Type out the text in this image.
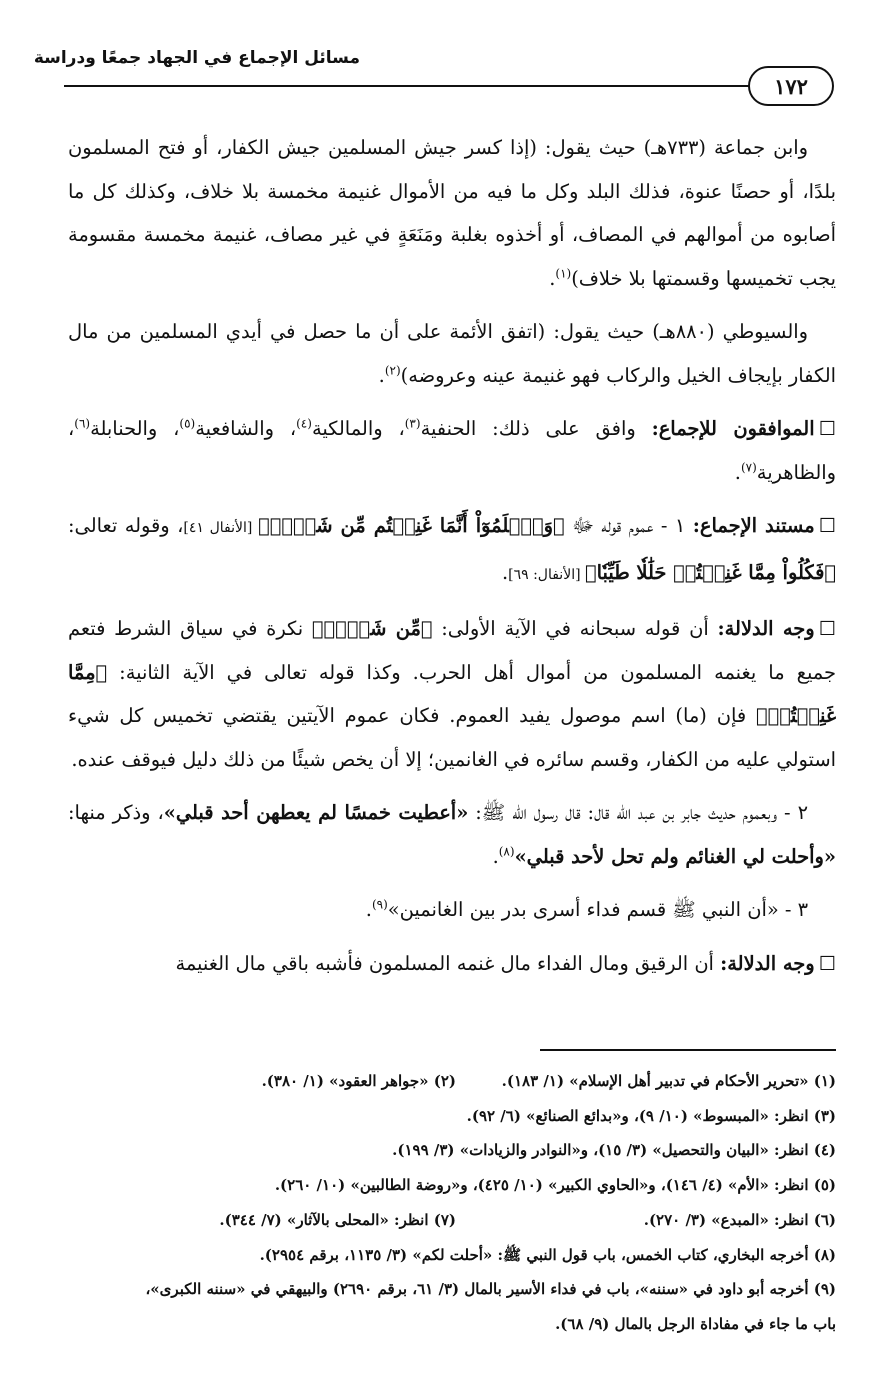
مسائل الإجماع في الجهاد جمعًا ودراسة
١٧٢

وابن جماعة (٧٣٣هـ) حيث يقول: (إذا كسر جيش المسلمين جيش الكفار، أو فتح المسلمون بلدًا، أو حصنًا عنوة، فذلك البلد وكل ما فيه من الأموال غنيمة مخمسة بلا خلاف، وكذلك كل ما أصابوه من أموالهم في المصاف، أو أخذوه بغلبة ومَنَعَةٍ في غير مصاف، غنيمة مخمسة مقسومة يجب تخميسها وقسمتها بلا خلاف)$^{(١)}$.

والسيوطي (٨٨٠هـ) حيث يقول: (اتفق الأئمة على أن ما حصل في أيدي المسلمين من مال الكفار بإيجاف الخيل والركاب فهو غنيمة عينه وعروضه)$^{(٢)}$.

☐الموافقون للإجماع: وافق على ذلك: الحنفية$^{(٣)}$، والمالكية$^{(٤)}$، والشافعية$^{(٥)}$، والحنابلة$^{(٦)}$، والظاهرية$^{(٧)}$.

☐مستند الإجماع: ١ - عموم قوله ﷻ ﴿وَٱعۡلَمُوٓاْ أَنَّمَا غَنِمۡتُم مِّن شَيۡءٖ﴾ [الأنفال ٤١]، وقوله تعالى: ﴿فَكُلُواْ مِمَّا غَنِمۡتُمۡ حَلَٰلٗا طَيِّبٗا﴾ [الأنفال: ٦٩].

☐وجه الدلالة: أن قوله سبحانه في الآية الأولى: ﴿مِّن شَيۡءٖ﴾ نكرة في سياق الشرط فتعم جميع ما يغنمه المسلمون من أموال أهل الحرب. وكذا قوله تعالى في الآية الثانية: ﴿مِمَّا غَنِمۡتُمۡ﴾ فإن (ما) اسم موصول يفيد العموم. فكان عموم الآيتين يقتضي تخميس كل شيء استولي عليه من الكفار، وقسم سائره في الغانمين؛ إلا أن يخص شيئًا من ذلك دليل فيوقف عنده.

٢ - وبعموم حديث جابر بن عبد الله قال: قال رسول الله ﷺ: «أعطيت خمسًا لم يعطهن أحد قبلي»، وذكر منها: «وأحلت لي الغنائم ولم تحل لأحد قبلي»$^{(٨)}$.

٣ - «أن النبي ﷺ قسم فداء أسرى بدر بين الغانمين»$^{(٩)}$.

☐وجه الدلالة: أن الرقيق ومال الفداء مال غنمه المسلمون فأشبه باقي مال الغنيمة

(١) «تحرير الأحكام في تدبير أهل الإسلام» (١/ ١٨٣).(٢) «جواهر العقود» (١/ ٣٨٠).
(٣) انظر: «المبسوط» (١٠/ ٩)، و«بدائع الصنائع» (٦/ ٩٢).
(٤) انظر: «البيان والتحصيل» (٣/ ١٥)، و«النوادر والزيادات» (٣/ ١٩٩).
(٥) انظر: «الأم» (٤/ ١٤٦)، و«الحاوي الكبير» (١٠/ ٤٢٥)، و«روضة الطالبين» (١٠/ ٢٦٠).
(٦) انظر: «المبدع» (٣/ ٢٧٠).(٧) انظر: «المحلى بالآثار» (٧/ ٣٤٤).
(٨) أخرجه البخاري، كتاب الخمس، باب قول النبي ﷺ: «أحلت لكم» (٣/ ١١٣٥، برقم ٢٩٥٤).
(٩) أخرجه أبو داود في «سننه»، باب في فداء الأسير بالمال (٣/ ٦١، برقم ٢٦٩٠) والبيهقي في «سننه الكبرى»،
باب ما جاء في مفاداة الرجل بالمال (٩/ ٦٨).
